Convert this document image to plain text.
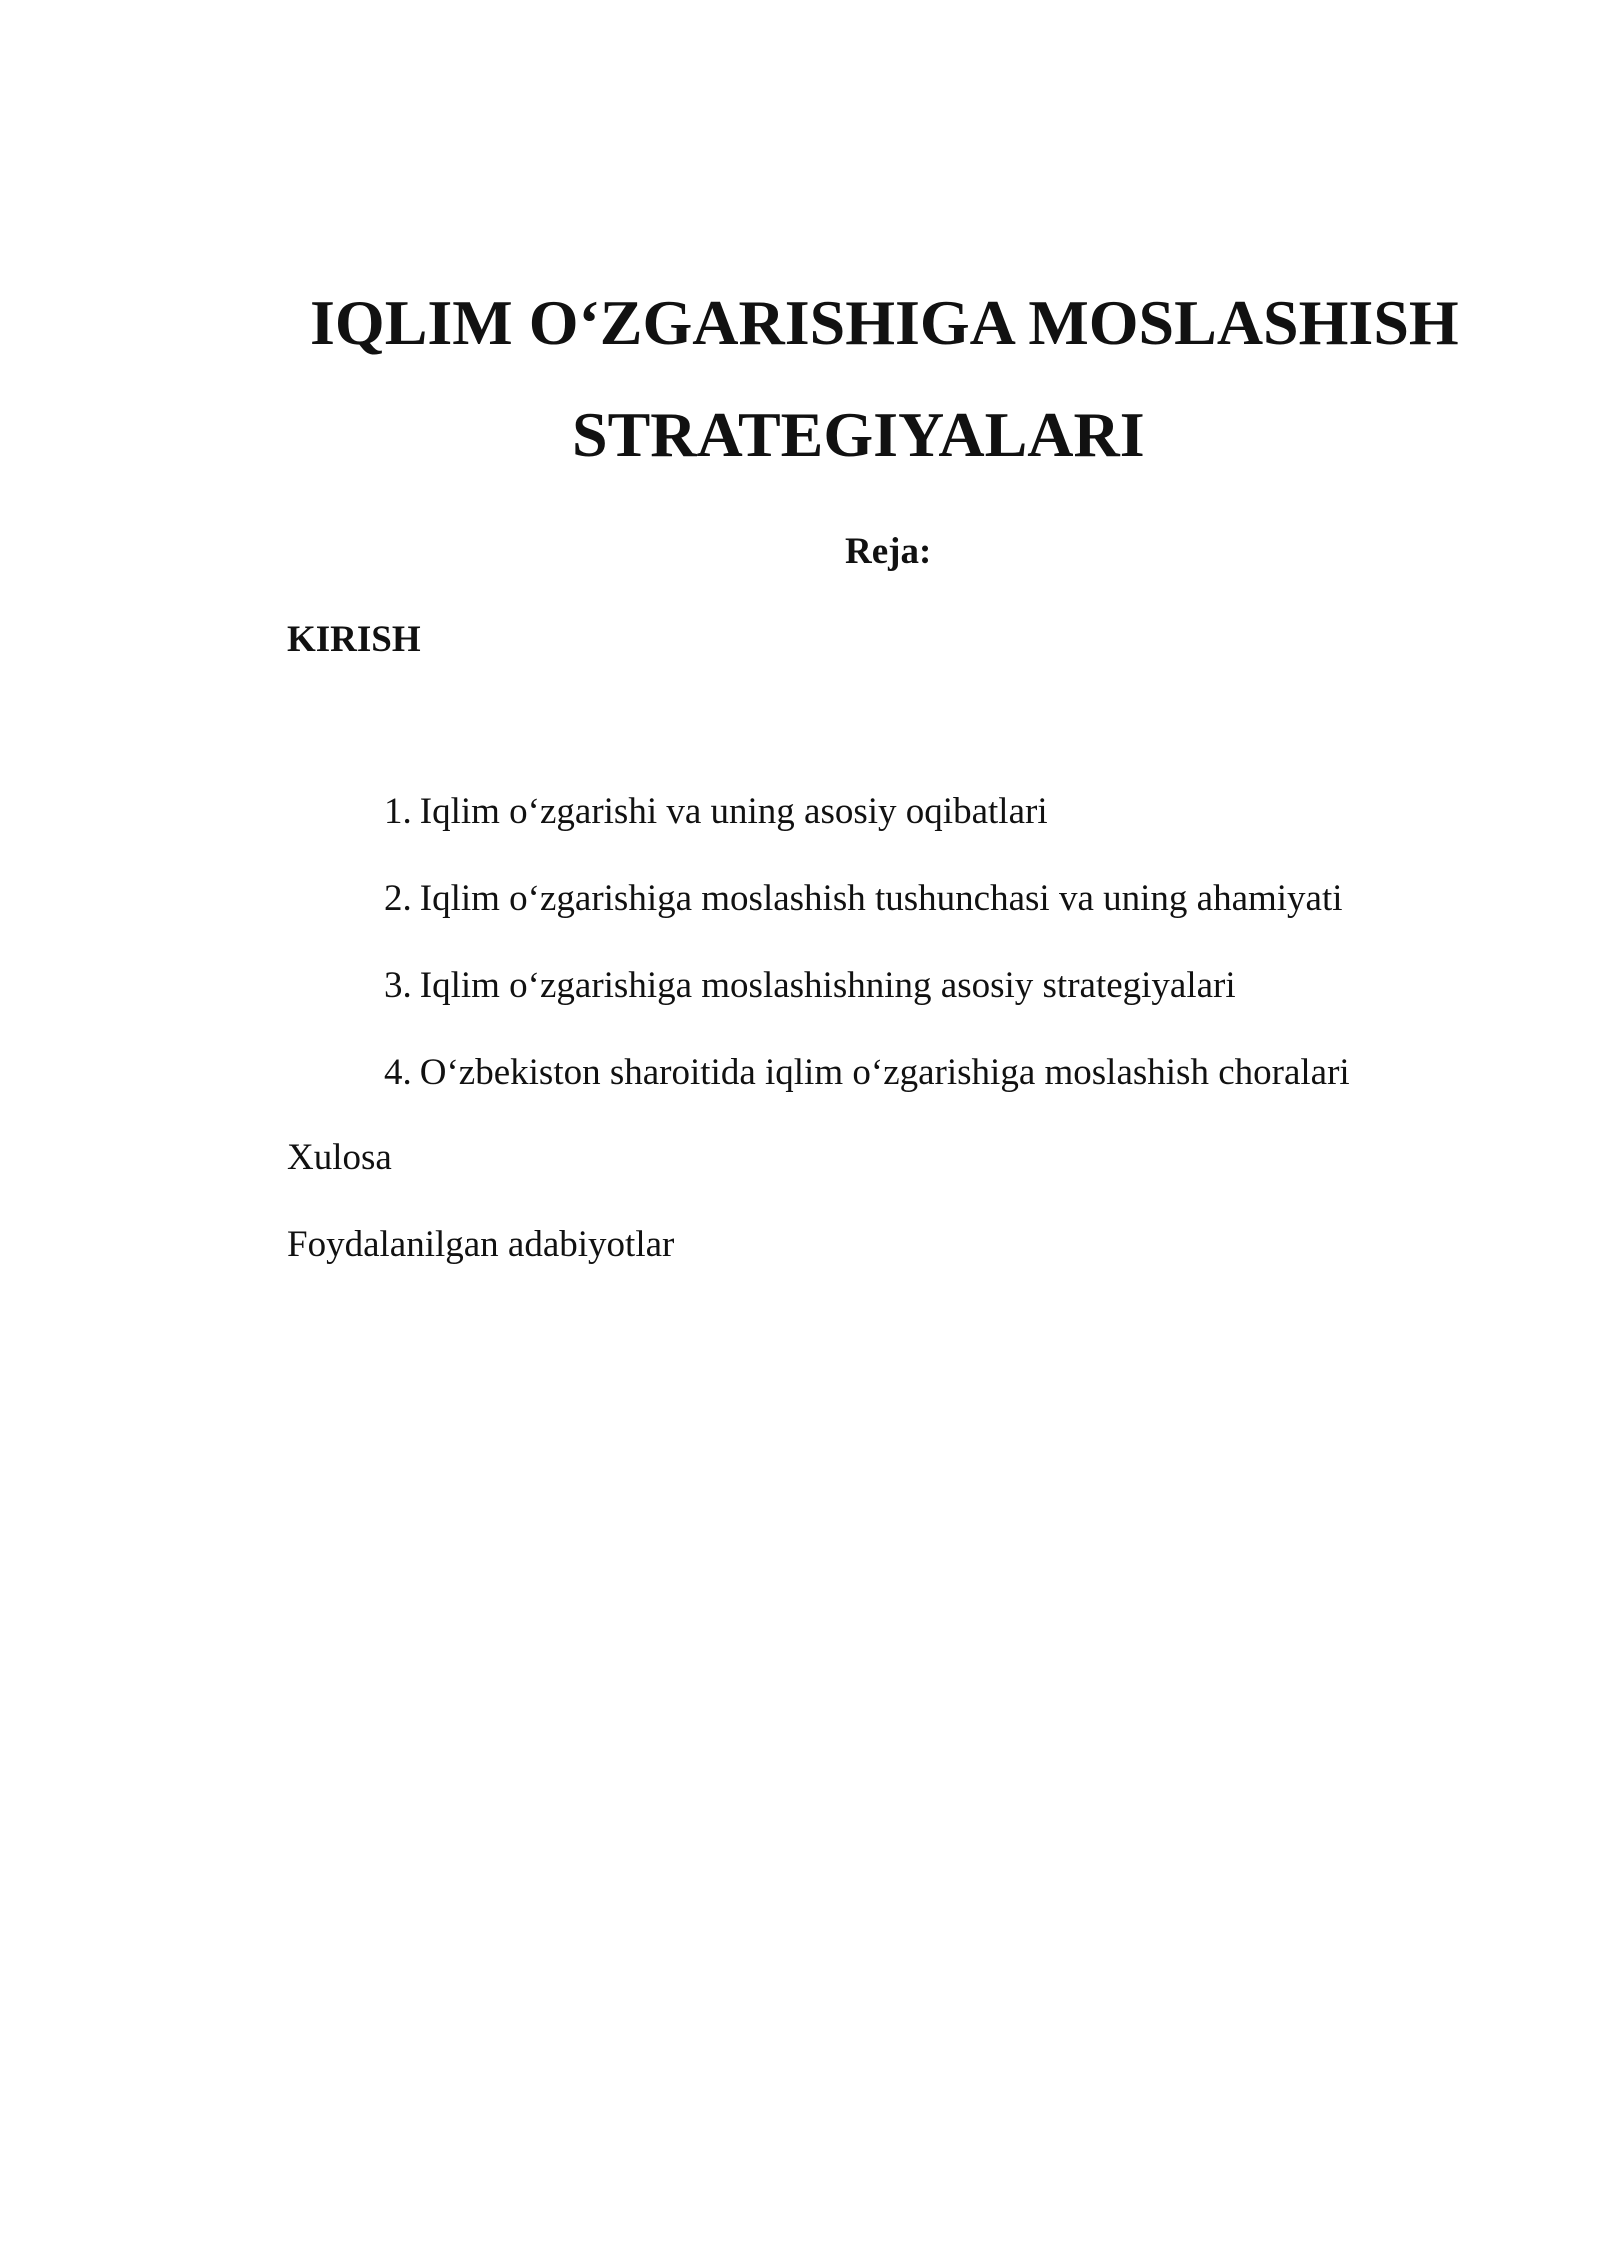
IQLIM O‘ZGARISHIGA MOSLASHISH
STRATEGIYALARI
Reja:
KIRISH
1. Iqlim o‘zgarishi va uning asosiy oqibatlari
2. Iqlim o‘zgarishiga moslashish tushunchasi va uning ahamiyati
3. Iqlim o‘zgarishiga moslashishning asosiy strategiyalari
4. O‘zbekiston sharoitida iqlim o‘zgarishiga moslashish choralari
Xulosa
Foydalanilgan adabiyotlar
